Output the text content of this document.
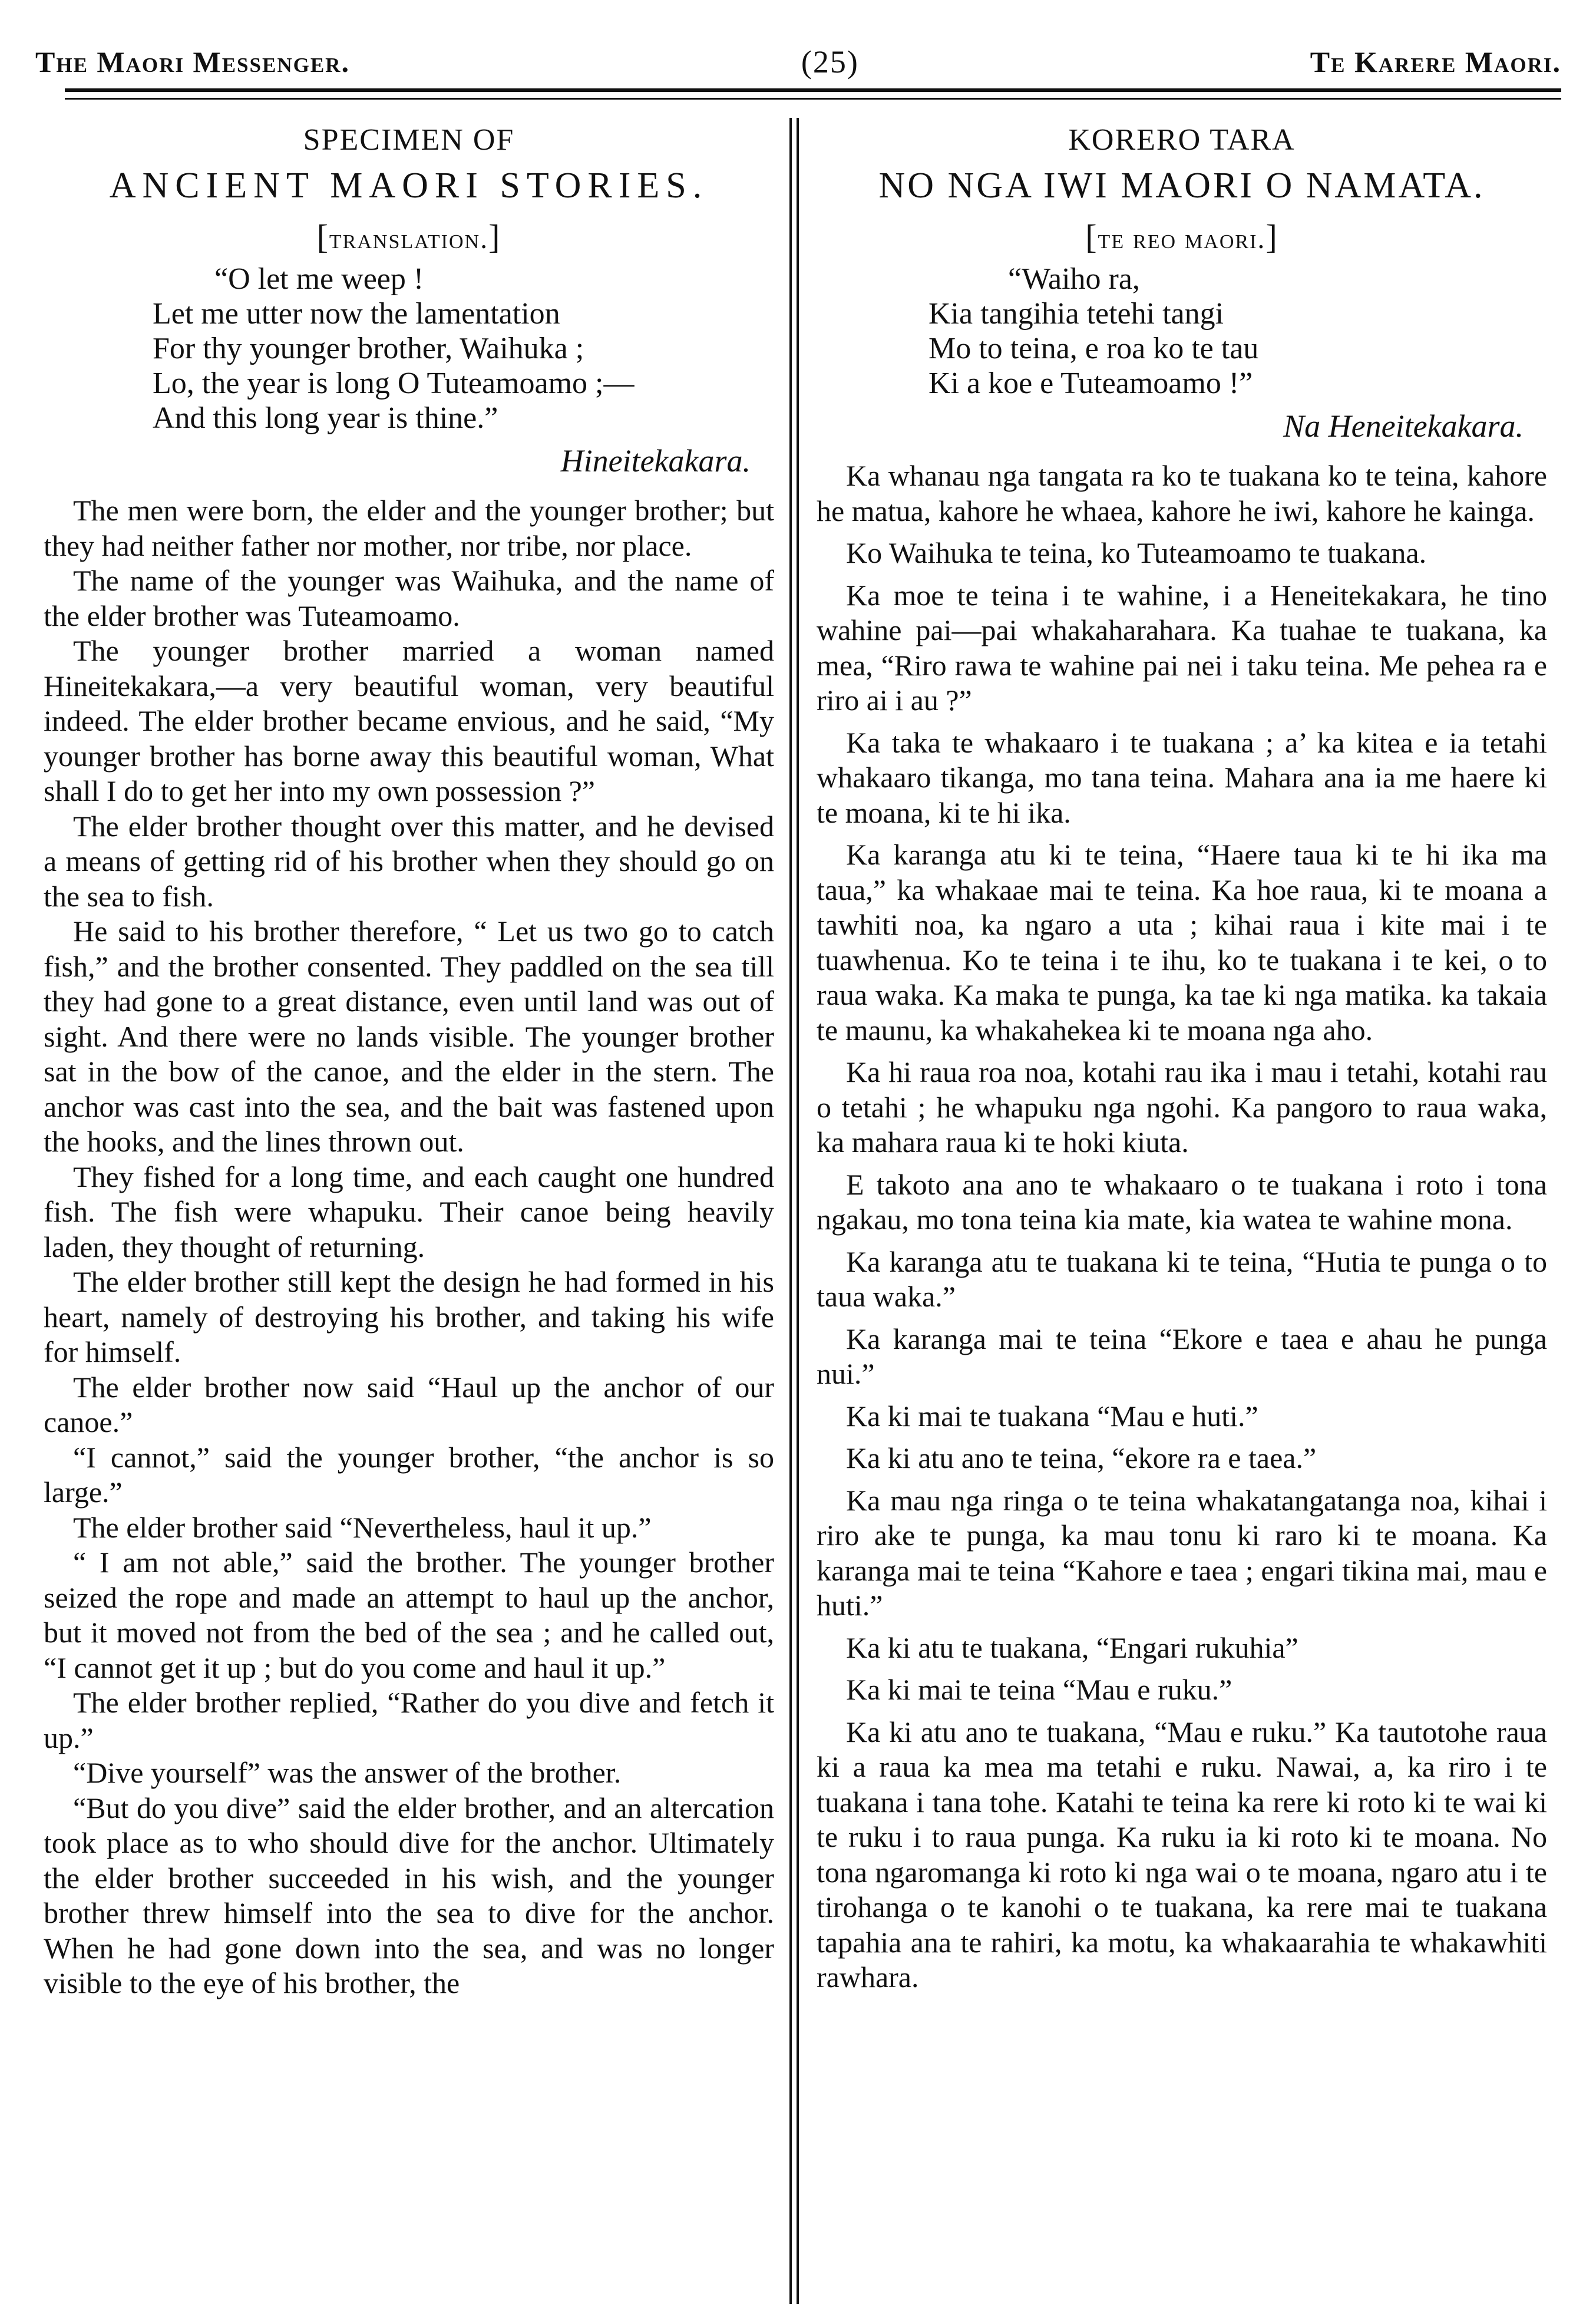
The Maori Messenger.	(25)	Te Karere Maori.
SPECIMEN OF
ANCIENT MAORI STORIES.
[translation.]
“O let me weep !
Let me utter now the lamentation
For thy younger brother, Waihuka ;
Lo, the year is long O Tuteamoamo ;—
And this long year is thine.”
Hineitekakara.

The men were born, the elder and the younger brother; but they had neither father nor mother, nor tribe, nor place.

The name of the younger was Waihuka, and the name of the elder brother was Tuteamoamo.

The younger brother married a woman named Hineitekakara,—a very beautiful woman, very beautiful indeed. The elder brother became envious, and he said, “My younger brother has borne away this beautiful woman, What shall I do to get her into my own possession ?”

The elder brother thought over this matter, and he devised a means of getting rid of his brother when they should go on the sea to fish.

He said to his brother therefore, “ Let us two go to catch fish,” and the brother consented. They paddled on the sea till they had gone to a great distance, even until land was out of sight. And there were no lands visible. The younger brother sat in the bow of the canoe, and the elder in the stern. The anchor was cast into the sea, and the bait was fastened upon the hooks, and the lines thrown out.

They fished for a long time, and each caught one hundred fish. The fish were whapuku. Their canoe being heavily laden, they thought of returning.

The elder brother still kept the design he had formed in his heart, namely of destroying his brother, and taking his wife for himself.

The elder brother now said “Haul up the anchor of our canoe.”

“I cannot,” said the younger brother, “the anchor is so large.”

The elder brother said “Nevertheless, haul it up.”

“ I am not able,” said the brother. The younger brother seized the rope and made an attempt to haul up the anchor, but it moved not from the bed of the sea ; and he called out, “I cannot get it up ; but do you come and haul it up.”

The elder brother replied, “Rather do you dive and fetch it up.”

“Dive yourself” was the answer of the brother.

“But do you dive” said the elder brother, and an altercation took place as to who should dive for the anchor. Ultimately the elder brother succeeded in his wish, and the younger brother threw himself into the sea to dive for the anchor. When he had gone down into the sea, and was no longer visible to the eye of his brother, the

KORERO TARA
NO NGA IWI MAORI O NAMATA.
[te reo maori.]
“Waiho ra,
Kia tangihia tetehi tangi
Mo to teina, e roa ko te tau
Ki a koe e Tuteamoamo !”
Na Heneitekakara.

Ka whanau nga tangata ra ko te tuakana ko te teina, kahore he matua, kahore he whaea, kahore he iwi, kahore he kainga.

Ko Waihuka te teina, ko Tuteamoamo te tuakana.

Ka moe te teina i te wahine, i a Heneitekakara, he tino wahine pai—pai whakaharahara. Ka tuahae te tuakana, ka mea, “Riro rawa te wahine pai nei i taku teina. Me pehea ra e riro ai i au ?”

Ka taka te whakaaro i te tuakana ; a’ ka kitea e ia tetahi whakaaro tikanga, mo tana teina. Mahara ana ia me haere ki te moana, ki te hi ika.

Ka karanga atu ki te teina, “Haere taua ki te hi ika ma taua,” ka whakaae mai te teina. Ka hoe raua, ki te moana a tawhiti noa, ka ngaro a uta ; kihai raua i kite mai i te tuawhenua. Ko te teina i te ihu, ko te tuakana i te kei, o to raua waka. Ka maka te punga, ka tae ki nga matika. ka takaia te maunu, ka whakahekea ki te moana nga aho.

Ka hi raua roa noa, kotahi rau ika i mau i tetahi, kotahi rau o tetahi ; he whapuku nga ngohi. Ka pangoro to raua waka, ka mahara raua ki te hoki kiuta.

E takoto ana ano te whakaaro o te tuakana i roto i tona ngakau, mo tona teina kia mate, kia watea te wahine mona.

Ka karanga atu te tuakana ki te teina, “Hutia te punga o to taua waka.”

Ka karanga mai te teina “Ekore e taea e ahau he punga nui.”

Ka ki mai te tuakana “Mau e huti.”

Ka ki atu ano te teina, “ekore ra e taea.”

Ka mau nga ringa o te teina whakatangatanga noa, kihai i riro ake te punga, ka mau tonu ki raro ki te moana. Ka karanga mai te teina “Kahore e taea ; engari tikina mai, mau e huti.”

Ka ki atu te tuakana, “Engari rukuhia”

Ka ki mai te teina “Mau e ruku.”

Ka ki atu ano te tuakana, “Mau e ruku.” Ka tautotohe raua ki a raua ka mea ma tetahi e ruku. Nawai, a, ka riro i te tuakana i tana tohe. Katahi te teina ka rere ki roto ki te wai ki te ruku i to raua punga. Ka ruku ia ki roto ki te moana. No tona ngaromanga ki roto ki nga wai o te moana, ngaro atu i te tirohanga o te kanohi o te tuakana, ka rere mai te tuakana tapahia ana te rahiri, ka motu, ka whakaarahia te whakawhiti rawhara.
